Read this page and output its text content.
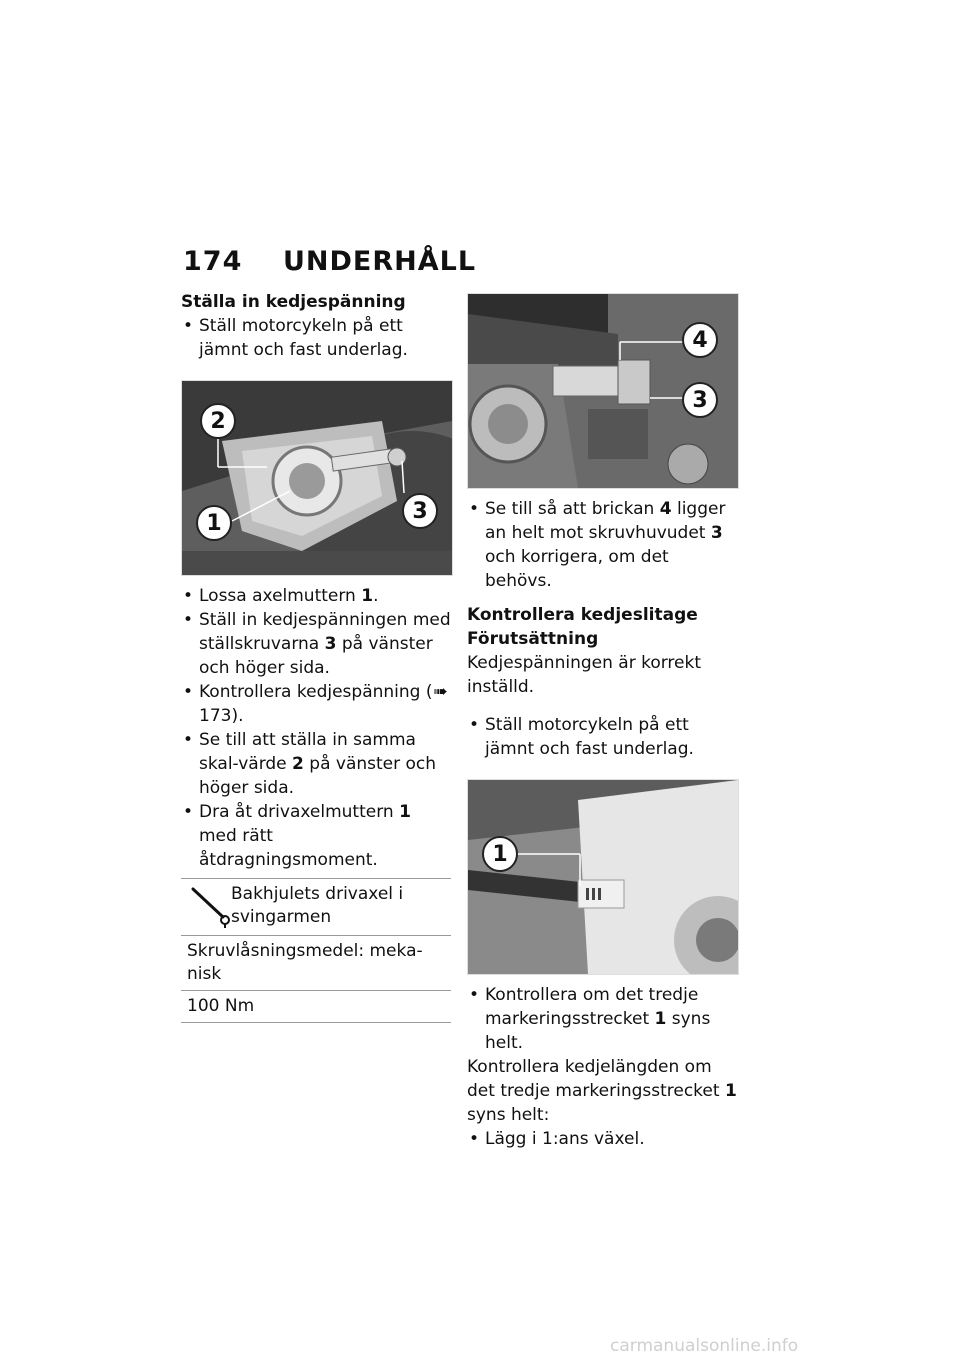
174 UNDERHÅLL
Ställa in kedjespänning
• Ställ motorcykeln på ett jämnt och fast underlag.
2
1	3
• Lossa axelmuttern 1.
• Ställ in kedjespänningen med ställskruvarna 3 på vänster och höger sida.
• Kontrollera kedjespänning (➠ 173).
• Se till att ställa in samma skal-värde 2 på vänster och höger sida.
• Dra åt drivaxelmuttern 1 med rätt åtdragningsmoment.
Bakhjulets drivaxel i svingarmen
Skruvlåsningsmedel: meka-nisk
100 Nm
4
3
• Se till så att brickan 4 ligger an helt mot skruvhuvudet 3 och korrigera, om det behövs.
Kontrollera kedjeslitage
Förutsättning

Kedjespänningen är korrekt inställd.

• Ställ motorcykeln på ett jämnt och fast underlag.
1
• Kontrollera om det tredje markeringsstrecket 1 syns helt.

Kontrollera kedjelängden om det tredje markeringsstrecket 1 syns helt:

• Lägg i 1:ans växel.
carmanualsonline.info
